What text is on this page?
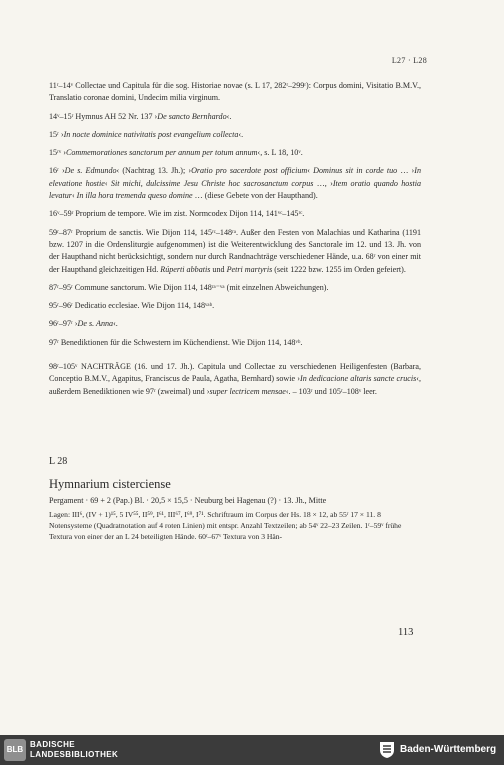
L27 · L28

11ʳ–14ᵛ Collectae und Capitula für die sog. Historiae novae (s. L 17, 282ʳ–299ʳ): Corpus domini, Visitatio B.M.V., Translatio coronae domini, Undecim milia virginum.

14ᵛ–15ʳ Hymnus AH 52 Nr. 137 ›De sancto Bernhardo‹.

15ʳ ›In nocte dominice nativitatis post evangelium collecta‹.

15ʳᵛ ›Commemorationes sanctorum per annum per totum annum‹, s. L 18, 10ᵛ.

16ʳ ›De s. Edmundo‹ (Nachtrag 13. Jh.); ›Oratio pro sacerdote post officium‹ Dominus sit in corde tuo … ›In elevatione hostie‹ Sit michi, dulcissime Jesu Christe hoc sacrosanctum corpus …, ›Item oratio quando hostia levatur‹ In illa hora tremenda queso domine … (diese Gebete von der Haupthand).

16ᵛ–59ʳ Proprium de tempore. Wie im zist. Normcodex Dijon 114, 141ᵛᶜ–145ʳᶜ.

59ʳ–87ʳ Proprium de sanctis. Wie Dijon 114, 145ʳᶜ–148ʳᵃ. Außer den Festen von Malachias und Katharina (1191 bzw. 1207 in die Ordensliturgie aufgenommen) ist die Weiterentwicklung des Sanctorale im 12. und 13. Jh. von der Haupthand nicht berücksichtigt, sondern nur durch Randnachträge verschiedener Hände, u.a. 68ʳ von einer mit der Haupthand gleichzeitigen Hd. Rúperti abbatis und Petri martyris (seit 1222 bzw. 1255 im Orden gefeiert).

87ʳ–95ʳ Commune sanctorum. Wie Dijon 114, 148ʳᵃ⁻ᵛᵃ (mit einzelnen Abweichungen).

95ʳ–96ʳ Dedicatio ecclesiae. Wie Dijon 114, 148ᵛᵃᵇ.

96ʳ–97ʳ ›De s. Anna‹.

97ʳ Benediktionen für die Schwestern im Küchendienst. Wie Dijon 114, 148ᵛᵇ.

98ʳ–105ᵛ NACHTRÄGE (16. und 17. Jh.). Capitula und Collectae zu verschiedenen Heiligenfesten (Barbara, Conceptio B.M.V., Agapitus, Franciscus de Paula, Agatha, Bernhard) sowie ›In dedicacione altaris sancte crucis‹, außerdem Benediktionen wie 97ʳ (zweimal) und ›super lectricem mensae‹. – 103ʳ und 105ʳ–108ᵛ leer.

L 28
Hymnarium cisterciense
Pergament · 69 + 2 (Pap.) Bl. · 20,5 × 15,5 · Neuburg bei Hagenau (?) · 13. Jh., Mitte
Lagen: III⁶, (IV + 1)¹⁵, 5 IV⁵⁵, II⁵⁹, I⁶¹, III⁶⁷, I⁶⁹, I⁷¹. Schriftraum im Corpus der Hs. 18 × 12, ab 55ʳ 17 × 11. 8 Notensysteme (Quadratnotation auf 4 roten Linien) mit entspr. Anzahl Textzeilen; ab 54ᵛ 22–23 Zeilen. 1ʳ–59ᵛ frühe Textura von einer der an L 24 beteiligten Hände. 60ʳ–67ᵛ Textura von 3 Hän-
113
BLB
BADISCHE
LANDESBIBLIOTHEK	Baden-Württemberg
